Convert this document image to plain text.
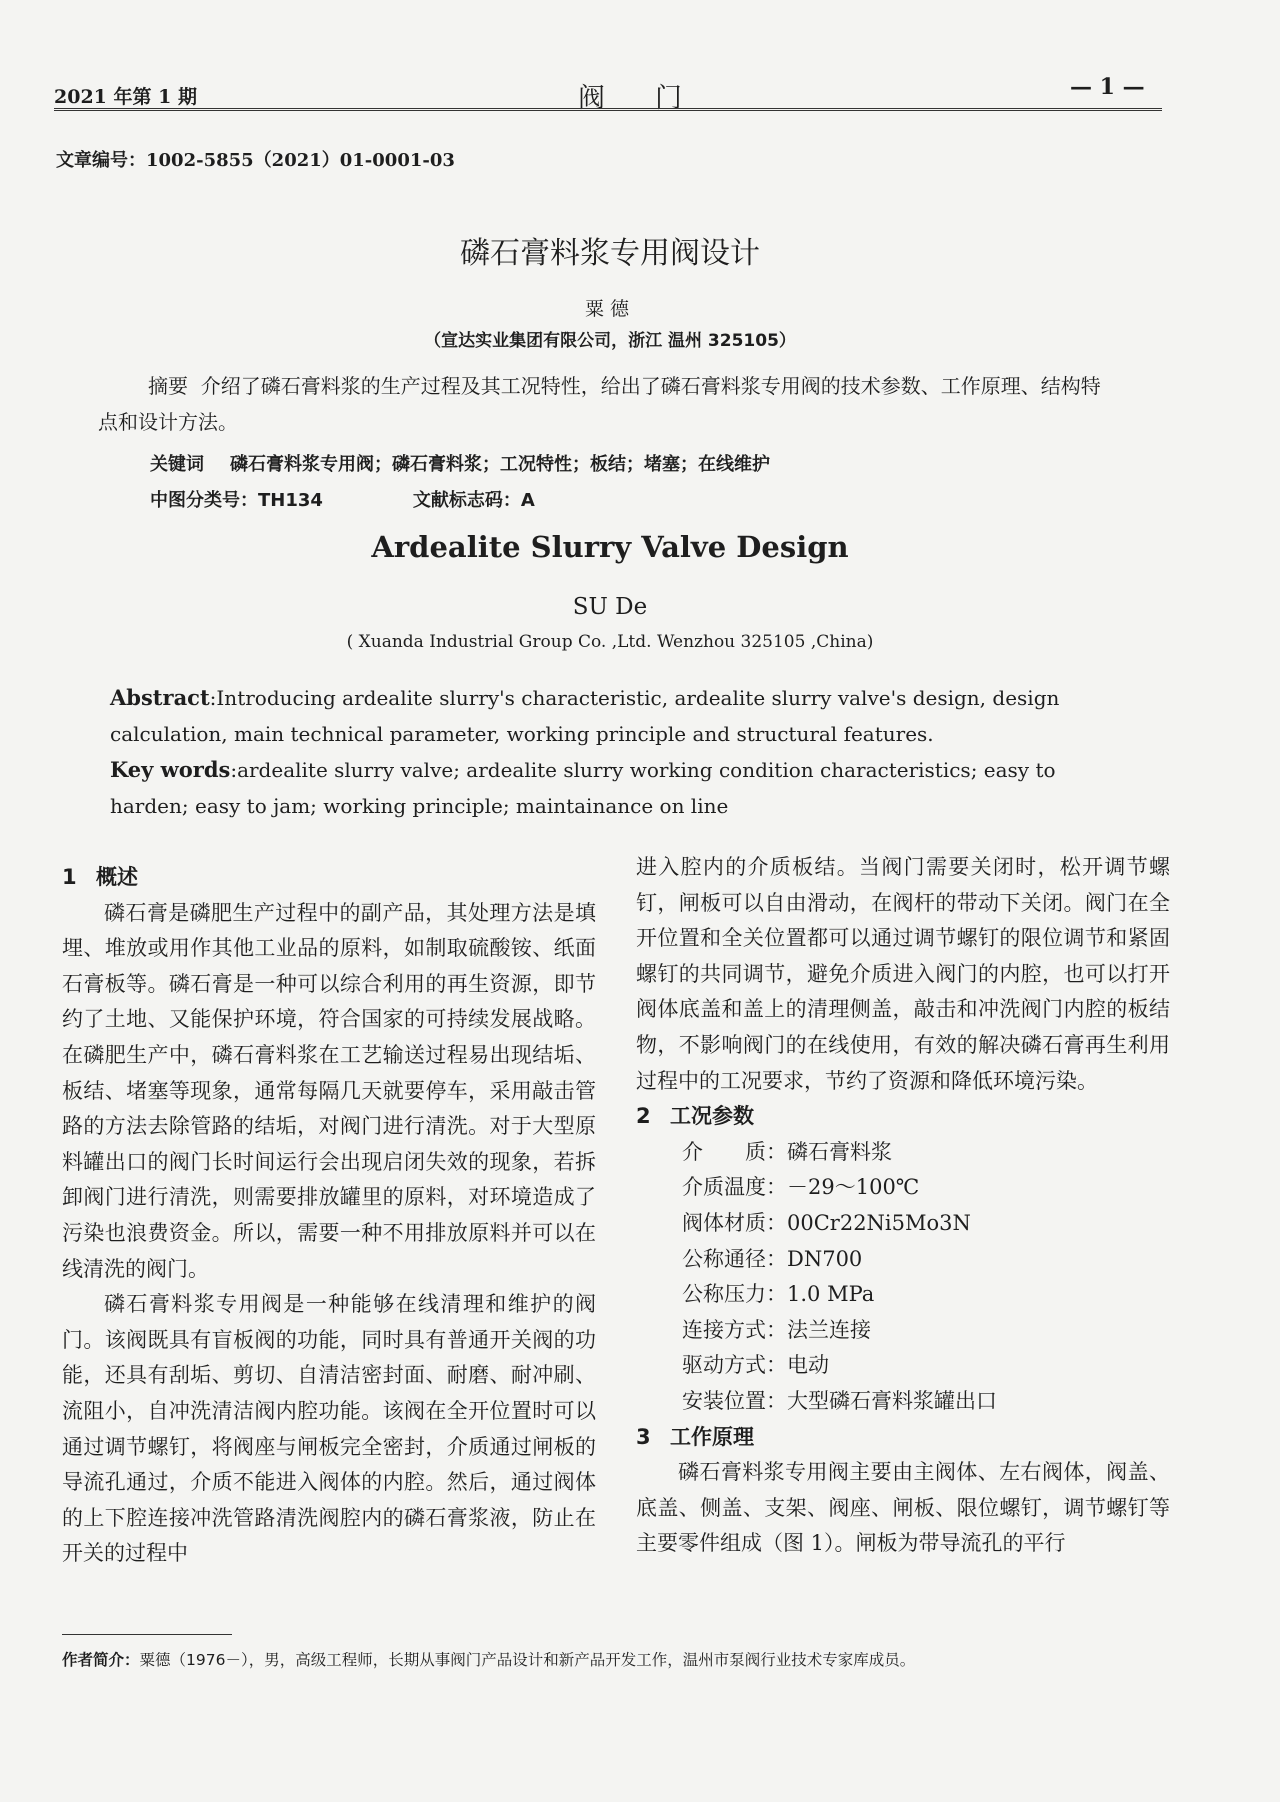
2021 年第 1 期	阀门	— 1 —
文章编号：1002-5855（2021）01-0001-03
磷石膏料浆专用阀设计
粟德
（宣达实业集团有限公司，浙江 温州 325105）
摘要 介绍了磷石膏料浆的生产过程及其工况特性，给出了磷石膏料浆专用阀的技术参数、工作原理、结构特点和设计方法。
关键词 磷石膏料浆专用阀；磷石膏料浆；工况特性；板结；堵塞；在线维护
中图分类号：TH134	文献标志码：A
Ardealite Slurry Valve Design
SU De
( Xuanda Industrial Group Co. ,Ltd. Wenzhou 325105 ,China)
Abstract:Introducing ardealite slurry's characteristic, ardealite slurry valve's design, design calculation, main technical parameter, working principle and structural features.
Key words:ardealite slurry valve; ardealite slurry working condition characteristics; easy to harden; easy to jam; working principle; maintainance on line
1 概述

磷石膏是磷肥生产过程中的副产品，其处理方法是填埋、堆放或用作其他工业品的原料，如制取硫酸铵、纸面石膏板等。磷石膏是一种可以综合利用的再生资源，即节约了土地、又能保护环境，符合国家的可持续发展战略。在磷肥生产中，磷石膏料浆在工艺输送过程易出现结垢、板结、堵塞等现象，通常每隔几天就要停车，采用敲击管路的方法去除管路的结垢，对阀门进行清洗。对于大型原料罐出口的阀门长时间运行会出现启闭失效的现象，若拆卸阀门进行清洗，则需要排放罐里的原料，对环境造成了污染也浪费资金。所以，需要一种不用排放原料并可以在线清洗的阀门。

磷石膏料浆专用阀是一种能够在线清理和维护的阀门。该阀既具有盲板阀的功能，同时具有普通开关阀的功能，还具有刮垢、剪切、自清洁密封面、耐磨、耐冲刷、流阻小，自冲洗清洁阀内腔功能。该阀在全开位置时可以通过调节螺钉，将阀座与闸板完全密封，介质通过闸板的导流孔通过，介质不能进入阀体的内腔。然后，通过阀体的上下腔连接冲洗管路清洗阀腔内的磷石膏浆液，防止在开关的过程中

进入腔内的介质板结。当阀门需要关闭时，松开调节螺钉，闸板可以自由滑动，在阀杆的带动下关闭。阀门在全开位置和全关位置都可以通过调节螺钉的限位调节和紧固螺钉的共同调节，避免介质进入阀门的内腔，也可以打开阀体底盖和盖上的清理侧盖，敲击和冲洗阀门内腔的板结物，不影响阀门的在线使用，有效的解决磷石膏再生利用过程中的工况要求，节约了资源和降低环境污染。

2 工况参数

介　　质：磷石膏料浆

介质温度：－29～100℃

阀体材质：00Cr22Ni5Mo3N

公称通径：DN700

公称压力：1.0 MPa

连接方式：法兰连接

驱动方式：电动

安装位置：大型磷石膏料浆罐出口

3 工作原理

磷石膏料浆专用阀主要由主阀体、左右阀体，阀盖、底盖、侧盖、支架、阀座、闸板、限位螺钉，调节螺钉等主要零件组成（图 1）。闸板为带导流孔的平行

作者简介：粟德（1976－），男，高级工程师，长期从事阀门产品设计和新产品开发工作，温州市泵阀行业技术专家库成员。
